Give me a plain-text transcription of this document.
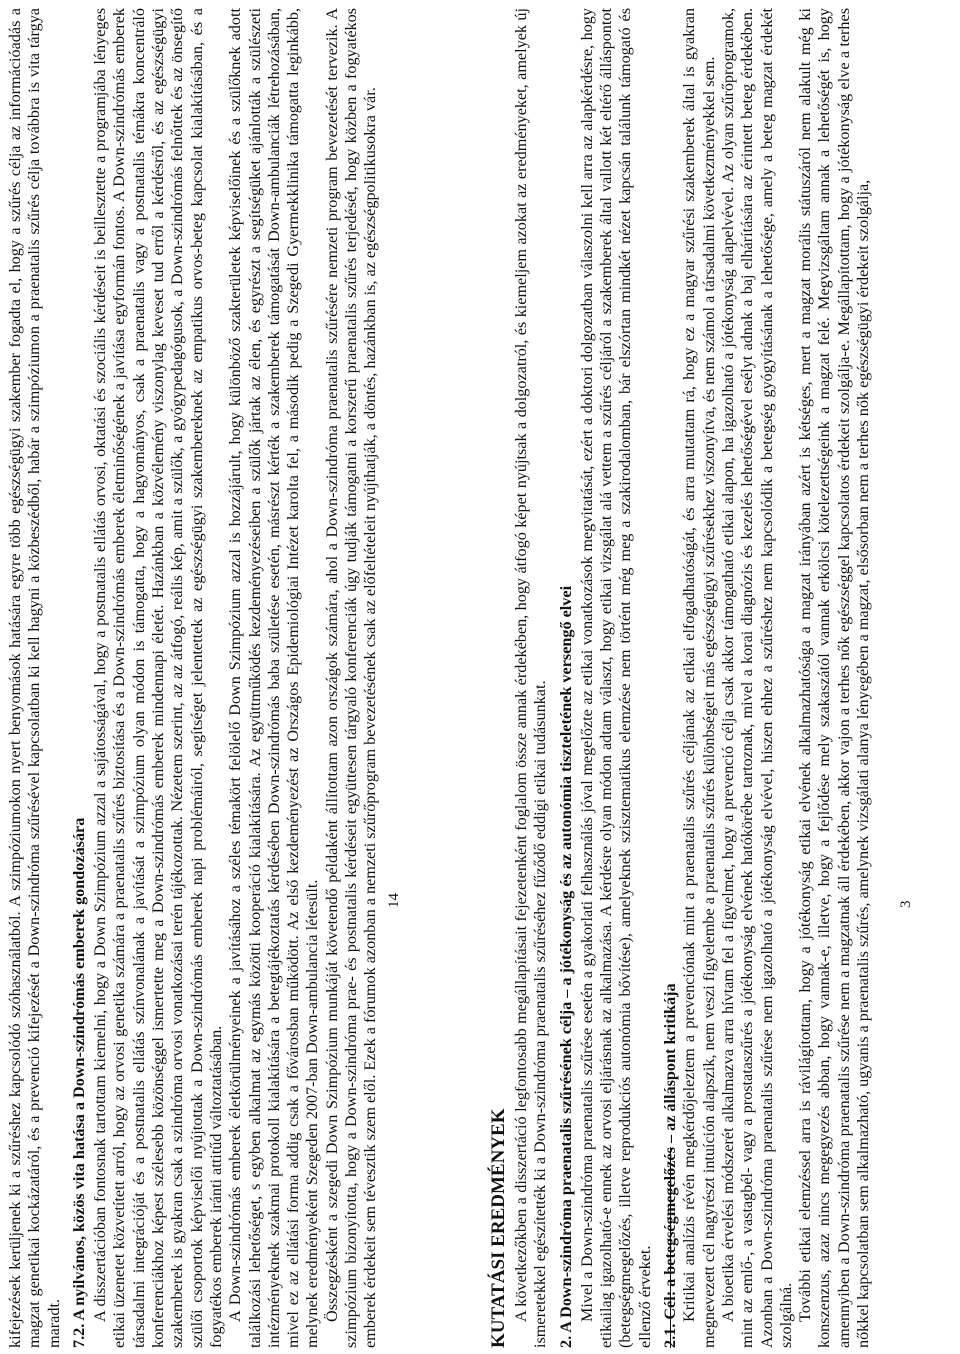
kifejezések kerüljenek ki a szűréshez kapcsolódó szóhasználatból. A szimpóziumokon nyert benyomások hatására egyre több egészségügyi szakember fogadta el, hogy a szűrés célja az információadás a magzat genetikai kockázatáról, és a prevenció kifejezését a Down-szindróma szűrésével kapcsolatban ki kell hagyni a közbeszédből, habár a szimpóziumon a praenatalis szűrés célja továbbra is vita tárgya maradt. 7.2. A nyilvános, közös vita hatása a Down-szindrómás emberek gondozására A disszertációban fontosnak tartottam kiemelni, hogy a Down Szimpózium azzal a sajátosságával, hogy a postnatalis ellátás orvosi, oktatási és szociális kérdéseit is beillesztette a programjába lényeges etikai üzenetet közvetített arról, hogy az orvosi genetika számára a praenatalis szűrés biztosítása és a Down-szindrómás emberek életminőségének a javítása egyformán fontos. A Down-szindrómás emberek társadalmi integrációját és a postnatalis ellátás színvonalának a javítását a szimpózium olyan módon is támogatta, hogy a hagyományos, csak a praenatalis vagy a postnatalis témákra koncentráló konferenciákhoz képest szélesebb közönséggel ismertette meg a Down-szindrómás emberek mindennapi életét. Hazánkban a közvélemény viszonylag keveset tud erről a kérdésről, és az egészségügyi szakemberek is gyakran csak a szindróma orvosi vonatkozásai terén tájékozottak. Nézetem szerint, az az átfogó, reális kép, amit a szülők, a gyógypedagógusok, a Down-szindrómás felnőttek és az önsegítő szülői csoportok képviselői nyújtottak a Down-szindrómás emberek napi problémáiról, segítséget jelentettek az egészségügyi szakembereknek az empatikus orvos-beteg kapcsolat kialakításában, és a fogyatékos emberek iránti attitűd változtatásában. A Down-szindrómás emberek életkörülményeinek a javításához a széles témakört felölelő Down Szimpózium azzal is hozzájárult, hogy különböző szakterületek képviselőinek és a szülőknek adott találkozási lehetőséget, s egyben alkalmat az egymás közötti kooperáció kialakítására. Az együttműködés kezdeményezéseiben a szülők jártak az élen, és egyrészt a segítségüket ajánlották a szülészeti intézményeknek szakmai protokoll kialakítására a betegtájékoztatás kérdésében Down-szindrómás baba születése esetén, másrészt kérték a szakemberek támogatását Down-ambulanciák létrehozásában, mivel ez az ellátási forma addig csak a fővárosban működött. Az első kezdeményezést az Országos Epidemiológiai Intézet karolta fel, a második pedig a Szegedi Gyermekklinika támogatta leginkább, melynek eredményeként Szegeden 2007-ban Down-ambulancia létesült. Összegzésként a szegedi Down Szimpózium munkáját követendő példaként állítottam azon országok számára, ahol a Down-szindróma praenatalis szűrésére nemzeti program bevezetését tervezik. A szimpózium bizonyította, hogy a Down-szindróma prae- és postnatalis kérdéseit együttesen tárgyaló konferenciák úgy tudják támogatni a korszerű praenatalis szűrés terjedését, hogy közben a fogyatékos emberek érdekeit sem tévesztik szem elől. Ezek a fórumok azonban a nemzeti szűrőprogram bevezetésének csak az előfeltételeit nyújthatják, a döntés, hazánkban is, az egészségpolitikusokra vár. 14
KUTATÁSI EREDMÉNYEK A következőkben a disszertáció legfontosabb megállapításait fejezetenként foglalom össze annak érdekében, hogy átfogó képet nyújtsak a dolgozatról, és kiemeljem azokat az eredményeket, amelyek új ismeretekkel egészítették ki a Down-szindróma praenatalis szűréséhez fűződő eddigi etikai tudásunkat. 2. A Down-szindróma praenatalis szűrésének célja – a jótékonyság és az autonómia tiszteletének versengő elvei Mivel a Down-szindróma praenatalis szűrése esetén a gyakorlati felhasználás jóval megelőzte az etikai vonatkozások megvitatását, ezért a doktori dolgozatban válaszolni kell arra az alapkérdésre, hogy etikailag igazolható-e ennek az orvosi eljárásnak az alkalmazása. A kérdésre olyan módon adtam választ, hogy etikai vizsgálat alá vettem a szűrés céljáról a szakemberek által vallott két eltérő álláspontot (betegségmegelőzés, illetve reprodukciós autonómia bővítése), amelyeknek szisztematikus elemzése nem történt még meg a szakirodalomban, bár elszórtan mindkét nézet kapcsán találunk támogató és ellenző érveket. 2.1. Cél: a betegségmegelőzés – az álláspont kritikája Kritikai analízis révén megkérdőjeleztem a prevenciónak mint a praenatalis szűrés céljának az etikai elfogadhatóságát, és arra mutattam rá, hogy ez a magyar szűrési szakemberek által is gyakran megnevezett cél nagyrészt intuíción alapszik, nem veszi figyelembe a praenatalis szűrés különbségeit más egészségügyi szűrésekhez viszonyítva, és nem számol a társadalmi következményekkel sem. A bioetika érvelési módszerét alkalmazva arra hívtam fel a figyelmet, hogy a prevenció célja csak akkor támogatható etikai alapon, ha igazolható a jótékonyság alapelvével. Az olyan szűrőprogramok, mint az emlő-, a vastagbél- vagy a prostataszűrés a jótékonyság elvének hatókörébe tartoznak, mivel a korai diagnózis és kezelés lehetőségével esélyt adnak a baj elhárítására az érintett beteg érdekében. Azonban a Down-szindróma praenatalis szűrése nem igazolható a jótékonyság elvével, hiszen ehhez a szűréshez nem kapcsolódik a betegség gyógyításának a lehetősége, amely a beteg magzat érdekét szolgálná. További etikai elemzéssel arra is rávilágítottam, hogy a jótékonyság etikai elvének alkalmazhatósága a magzat irányában azért is kétséges, mert a magzat morális státuszáról nem alakult még ki konszenzus, azaz nincs megegyezés abban, hogy vannak-e, illetve, hogy a fejlődése mely szakaszától vannak erkölcsi kötelezettségeink a magzat felé. Megvizsgáltam annak a lehetőségét is, hogy amennyiben a Down-szindróma praenatalis szűrése nem a magzatnak áll érdekében, akkor vajon a terhes nők egészséggel kapcsolatos érdekeit szolgálja-e. Megállapítottam, hogy a jótékonyság elve a terhes nőkkel kapcsolatban sem alkalmazható, ugyanis a praenatalis szűrés, amelynek vizsgálati alanya lényegében a magzat, elsősorban nem a terhes nők egészségügyi érdekeit szolgálja, 3
